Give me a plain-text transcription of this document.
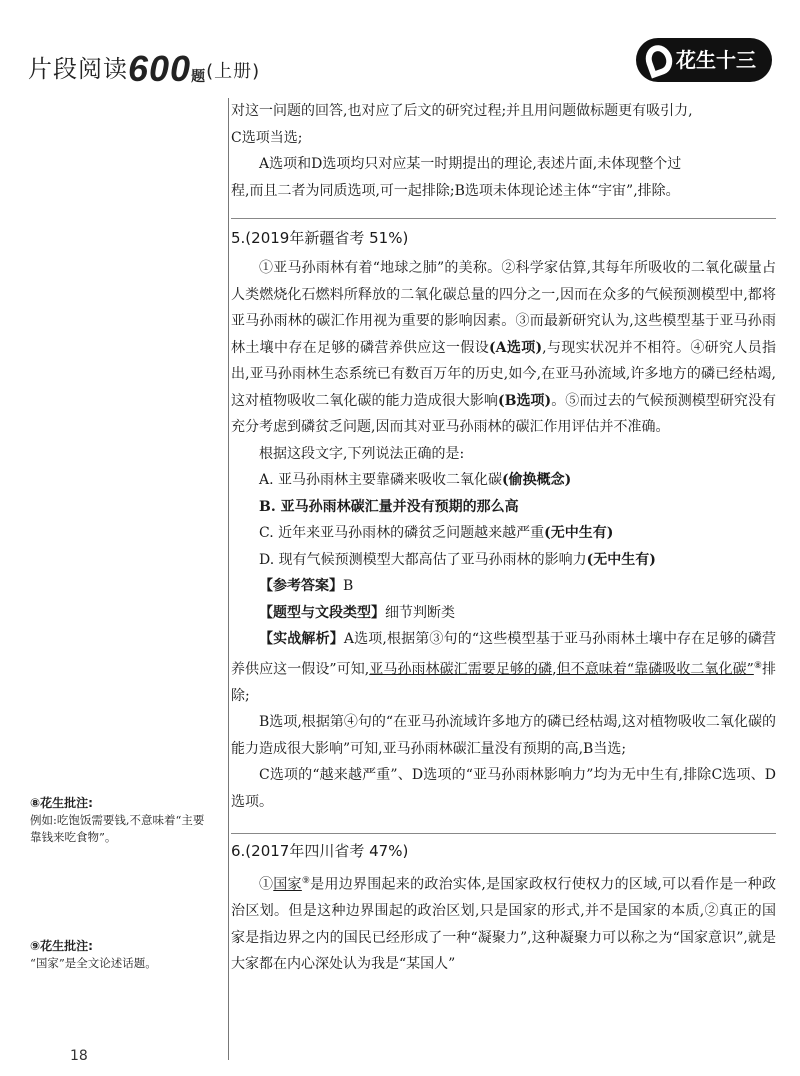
片段阅读600题(上册)	花生十三
⑧花生批注:
例如:吃饱饭需要钱,不意味着“主要靠钱来吃食物”。
⑨花生批注:
“国家”是全文论述话题。

对这一问题的回答,也对应了后文的研究过程;并且用问题做标题更有吸引力,

C选项当选;

A选项和D选项均只对应某一时期提出的理论,表述片面,未体现整个过

程,而且二者为同质选项,可一起排除;B选项未体现论述主体“宇宙”,排除。

5.(2019年新疆省考 51%)

①亚马孙雨林有着“地球之肺”的美称。②科学家估算,其每年所吸收的二氧化碳量占人类燃烧化石燃料所释放的二氧化碳总量的四分之一,因而在众多的气候预测模型中,都将亚马孙雨林的碳汇作用视为重要的影响因素。③而最新研究认为,这些模型基于亚马孙雨林土壤中存在足够的磷营养供应这一假设(A选项),与现实状况并不相符。④研究人员指出,亚马孙雨林生态系统已有数百万年的历史,如今,在亚马孙流域,许多地方的磷已经枯竭,这对植物吸收二氧化碳的能力造成很大影响(B选项)。⑤而过去的气候预测模型研究没有充分考虑到磷贫乏问题,因而其对亚马孙雨林的碳汇作用评估并不准确。

根据这段文字,下列说法正确的是:

A. 亚马孙雨林主要靠磷来吸收二氧化碳(偷换概念)

B. 亚马孙雨林碳汇量并没有预期的那么高

C. 近年来亚马孙雨林的磷贫乏问题越来越严重(无中生有)

D. 现有气候预测模型大都高估了亚马孙雨林的影响力(无中生有)

【参考答案】B

【题型与文段类型】细节判断类

【实战解析】A选项,根据第③句的“这些模型基于亚马孙雨林土壤中存在足够的磷营养供应这一假设”可知,亚马孙雨林碳汇需要足够的磷,但不意味着“靠磷吸收二氧化碳”⑧排除;

B选项,根据第④句的“在亚马孙流域许多地方的磷已经枯竭,这对植物吸收二氧化碳的能力造成很大影响”可知,亚马孙雨林碳汇量没有预期的高,B当选;

C选项的“越来越严重”、D选项的“亚马孙雨林影响力”均为无中生有,排除C选项、D选项。

6.(2017年四川省考 47%)

①国家⑨是用边界围起来的政治实体,是国家政权行使权力的区域,可以看作是一种政治区划。但是这种边界围起的政治区划,只是国家的形式,并不是国家的本质,②真正的国家是指边界之内的国民已经形成了一种“凝聚力”,这种凝聚力可以称之为“国家意识”,就是大家都在内心深处认为我是“某国人”

18
